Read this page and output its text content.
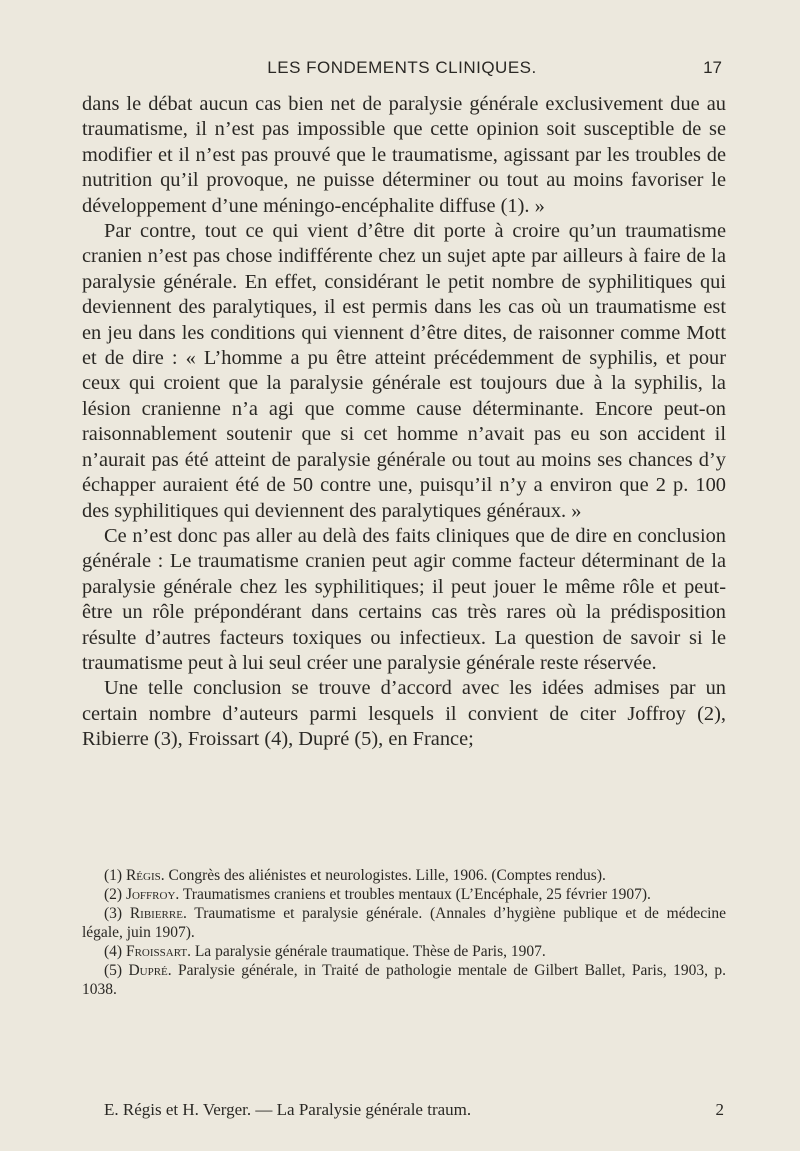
LES FONDEMENTS CLINIQUES.	17

dans le débat aucun cas bien net de paralysie générale exclusivement due au traumatisme, il n’est pas impossible que cette opinion soit susceptible de se modifier et il n’est pas prouvé que le traumatisme, agissant par les troubles de nutrition qu’il provoque, ne puisse déterminer ou tout au moins favoriser le développement d’une méningo-encéphalite diffuse (1). »

Par contre, tout ce qui vient d’être dit porte à croire qu’un traumatisme cranien n’est pas chose indifférente chez un sujet apte par ailleurs à faire de la paralysie générale. En effet, considérant le petit nombre de syphilitiques qui deviennent des paralytiques, il est permis dans les cas où un traumatisme est en jeu dans les conditions qui viennent d’être dites, de raisonner comme Mott et de dire : « L’homme a pu être atteint précédemment de syphilis, et pour ceux qui croient que la paralysie générale est toujours due à la syphilis, la lésion cranienne n’a agi que comme cause déterminante. Encore peut-on raisonnablement soutenir que si cet homme n’avait pas eu son accident il n’aurait pas été atteint de paralysie générale ou tout au moins ses chances d’y échapper auraient été de 50 contre une, puisqu’il n’y a environ que 2 p. 100 des syphilitiques qui deviennent des paralytiques généraux. »

Ce n’est donc pas aller au delà des faits cliniques que de dire en conclusion générale : Le traumatisme cranien peut agir comme facteur déterminant de la paralysie générale chez les syphilitiques; il peut jouer le même rôle et peut-être un rôle prépondérant dans certains cas très rares où la prédisposition résulte d’autres facteurs toxiques ou infectieux. La question de savoir si le traumatisme peut à lui seul créer une paralysie générale reste réservée.

Une telle conclusion se trouve d’accord avec les idées admises par un certain nombre d’auteurs parmi lesquels il convient de citer Joffroy (2), Ribierre (3), Froissart (4), Dupré (5), en France;

(1) Régis. Congrès des aliénistes et neurologistes. Lille, 1906. (Comptes rendus).

(2) Joffroy. Traumatismes craniens et troubles mentaux (L’Encéphale, 25 février 1907).

(3) Ribierre. Traumatisme et paralysie générale. (Annales d’hygiène publique et de médecine légale, juin 1907).

(4) Froissart. La paralysie générale traumatique. Thèse de Paris, 1907.

(5) Dupré. Paralysie générale, in Traité de pathologie mentale de Gilbert Ballet, Paris, 1903, p. 1038.

E. Régis et H. Verger. — La Paralysie générale traum.	2
